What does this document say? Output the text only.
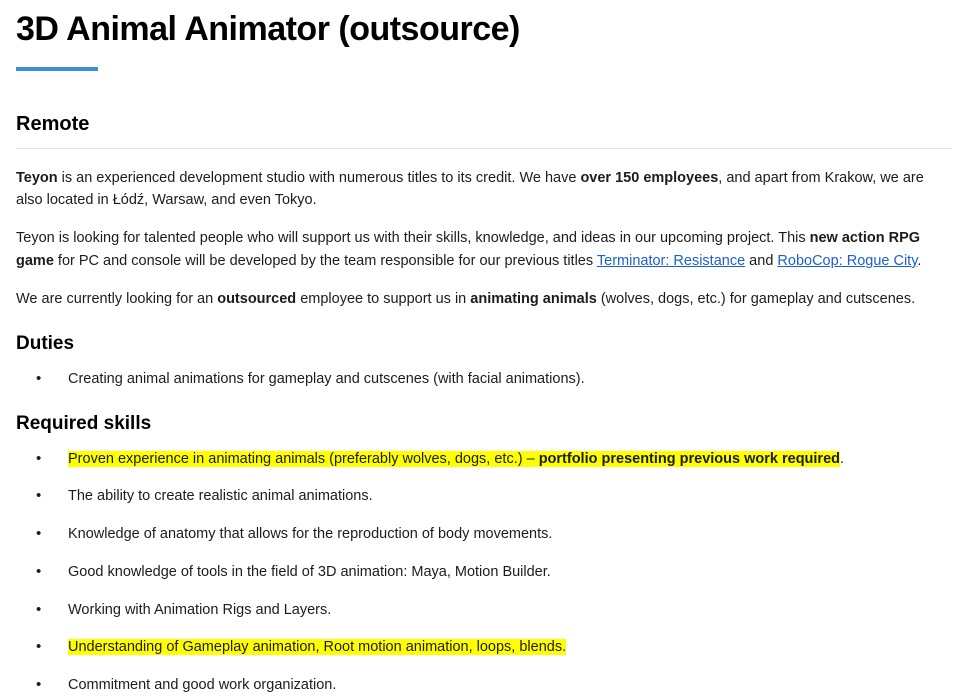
3D Animal Animator (outsource)
Remote

Teyon is an experienced development studio with numerous titles to its credit. We have over 150 employees, and apart from Krakow, we are also located in Łódź, Warsaw, and even Tokyo.

Teyon is looking for talented people who will support us with their skills, knowledge, and ideas in our upcoming project. This new action RPG game for PC and console will be developed by the team responsible for our previous titles Terminator: Resistance and RoboCop: Rogue City.

We are currently looking for an outsourced employee to support us in animating animals (wolves, dogs, etc.) for gameplay and cutscenes.

Duties
• Creating animal animations for gameplay and cutscenes (with facial animations).
Required skills
• Proven experience in animating animals (preferably wolves, dogs, etc.) – portfolio presenting previous work required.
• The ability to create realistic animal animations.
• Knowledge of anatomy that allows for the reproduction of body movements.
• Good knowledge of tools in the field of 3D animation: Maya, Motion Builder.
• Working with Animation Rigs and Layers.
• Understanding of Gameplay animation, Root motion animation, loops, blends.
• Commitment and good work organization.
